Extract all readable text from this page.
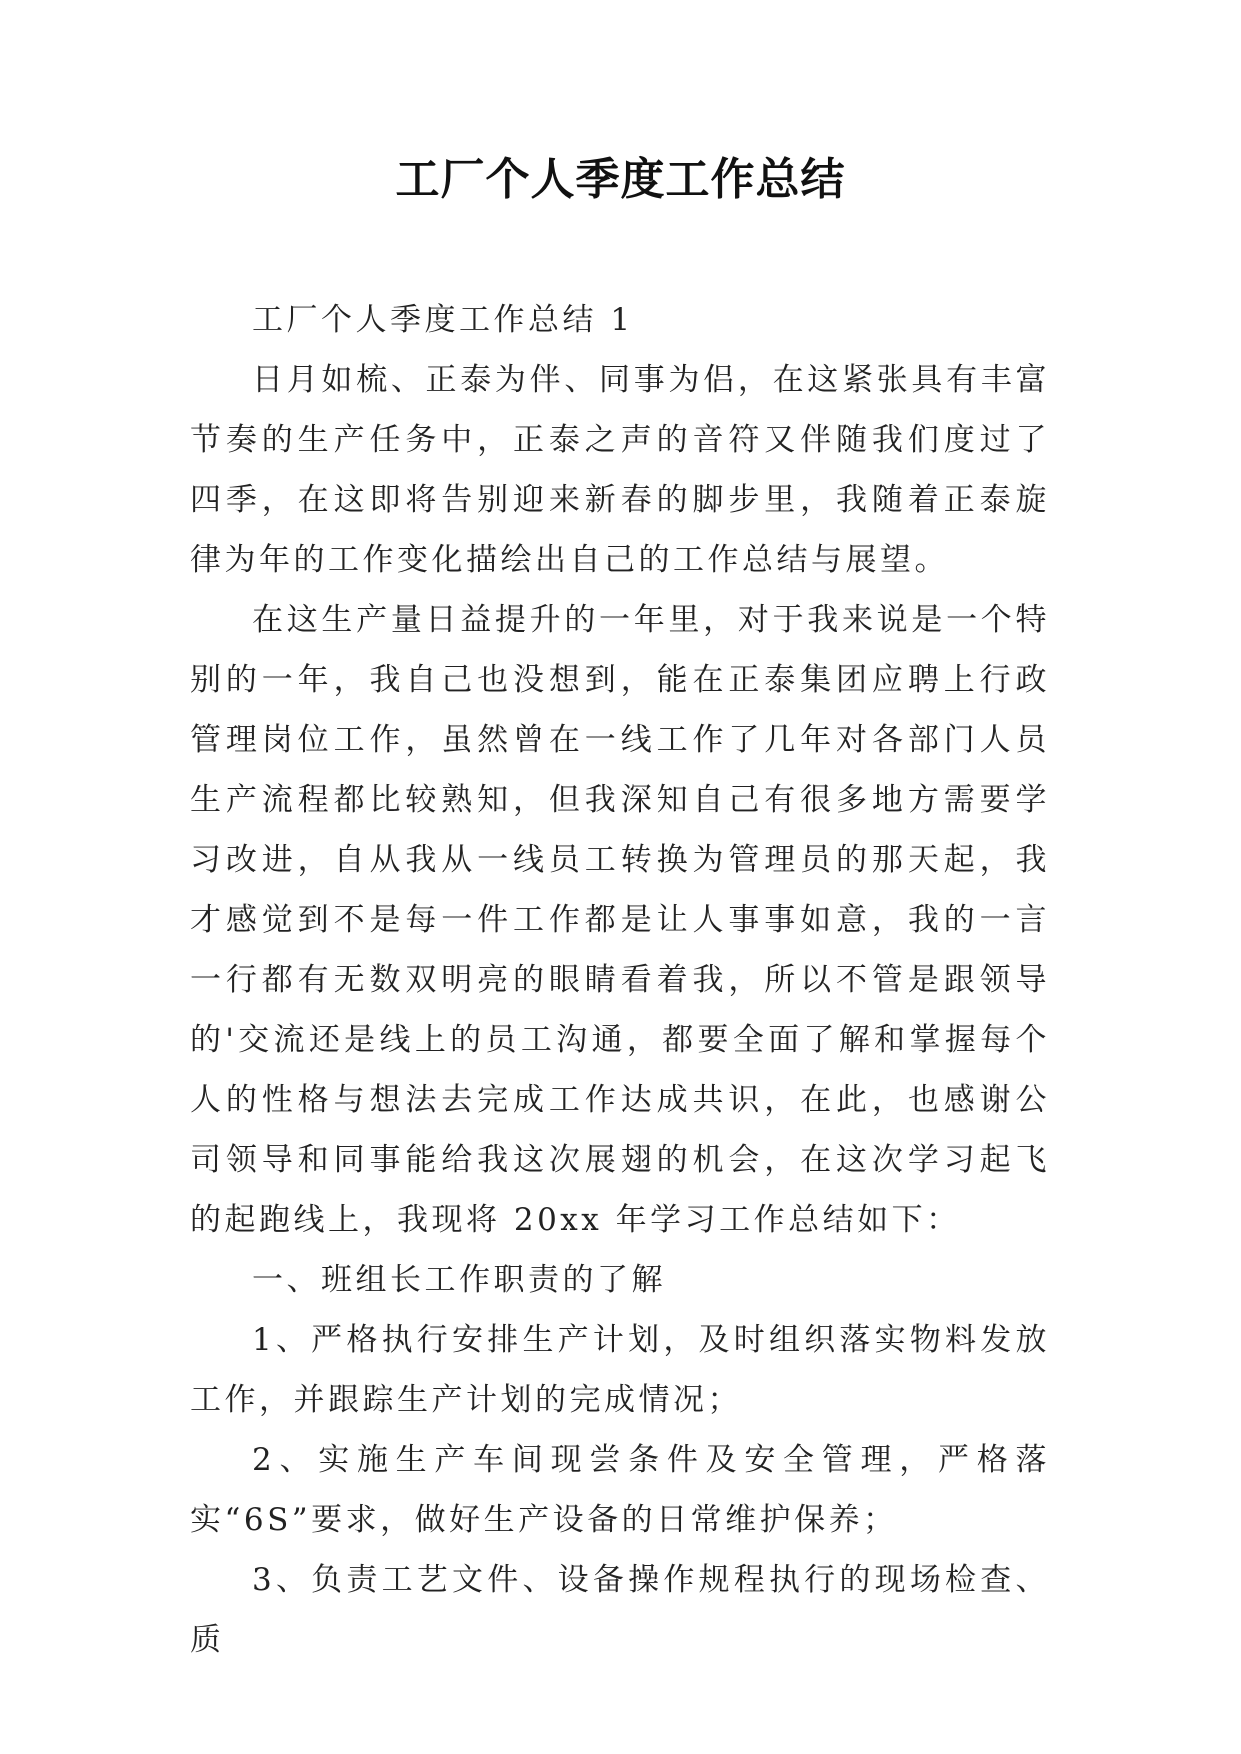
工厂个人季度工作总结

工厂个人季度工作总结 1

日月如梳、正泰为伴、同事为侣，在这紧张具有丰富节奏的生产任务中，正泰之声的音符又伴随我们度过了四季，在这即将告别迎来新春的脚步里，我随着正泰旋律为年的工作变化描绘出自己的工作总结与展望。

在这生产量日益提升的一年里，对于我来说是一个特别的一年，我自己也没想到，能在正泰集团应聘上行政管理岗位工作，虽然曾在一线工作了几年对各部门人员生产流程都比较熟知，但我深知自己有很多地方需要学习改进，自从我从一线员工转换为管理员的那天起，我才感觉到不是每一件工作都是让人事事如意，我的一言一行都有无数双明亮的眼睛看着我，所以不管是跟领导的'交流还是线上的员工沟通，都要全面了解和掌握每个人的性格与想法去完成工作达成共识，在此，也感谢公司领导和同事能给我这次展翅的机会，在这次学习起飞的起跑线上，我现将 20xx 年学习工作总结如下：

一、班组长工作职责的了解

1、严格执行安排生产计划，及时组织落实物料发放工作，并跟踪生产计划的完成情况；

2、实施生产车间现尝条件及安全管理，严格落实“6S”要求，做好生产设备的日常维护保养；

3、负责工艺文件、设备操作规程执行的现场检查、质
